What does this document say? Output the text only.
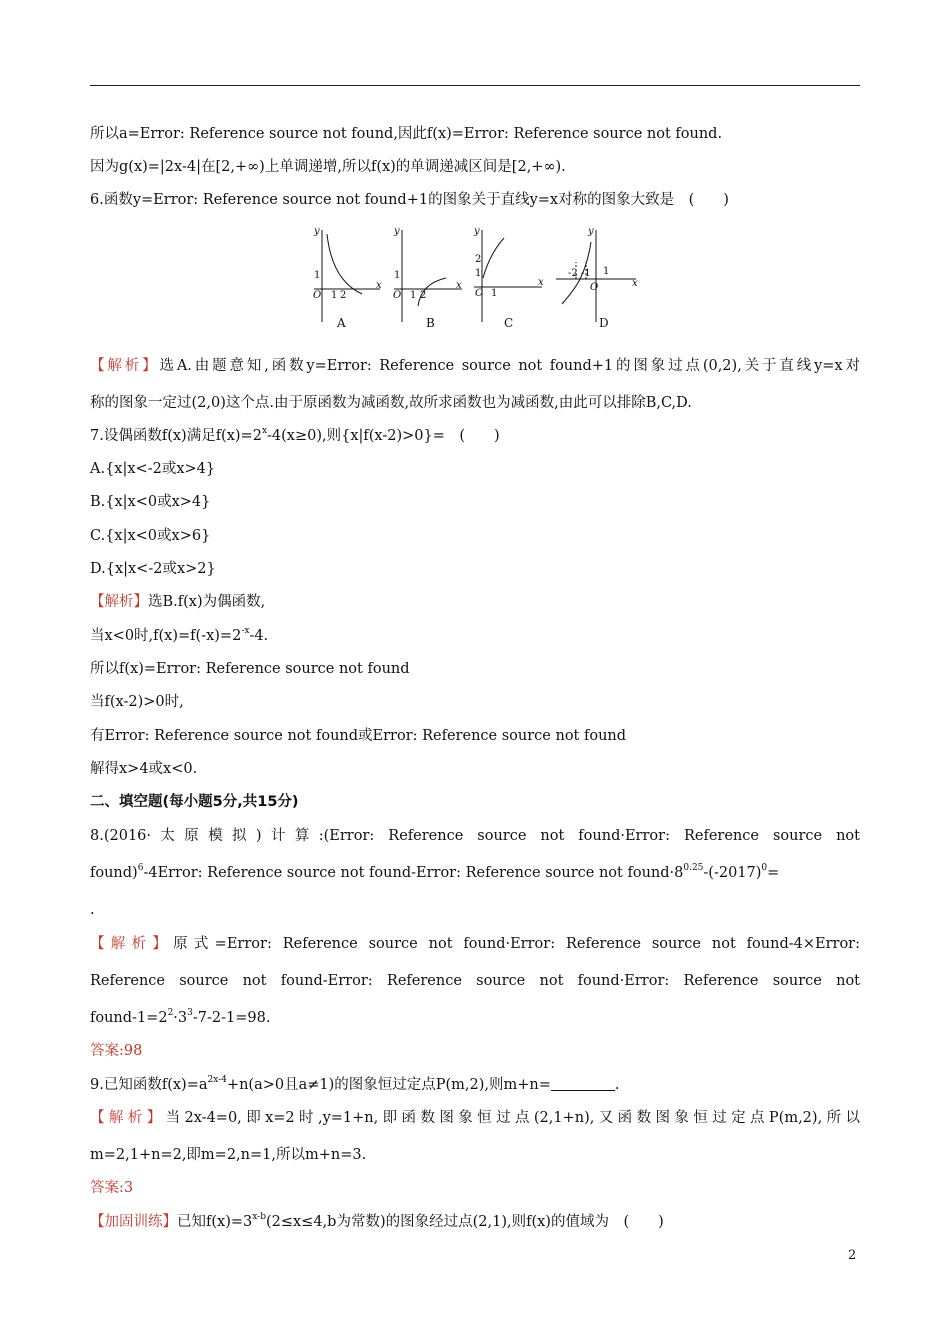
所以a=Error: Reference source not found,因此f(x)=Error: Reference source not found.
因为g(x)=|2x-4|在[2,+∞)上单调递增,所以f(x)的单调递减区间是[2,+∞).
6.函数y=Error: Reference source not found+1的图象关于直线y=x对称的图象大致是　(　　)
y
x
O
1
1 2
A
y
x
O
1
1 2
B
y
x
O
2
1
1
C
y
x
O
1
-2 -1
D
【解析】选A.由题意知,函数y=Error: Reference source not found+1的图象过点(0,2),关于直线y=x对
称的图象一定过(2,0)这个点.由于原函数为减函数,故所求函数也为减函数,由此可以排除B,C,D.
7.设偶函数f(x)满足$f(x)=2^x-4(x\ge 0)$,则{x|f(x-2)>0}=　(　　)
A.{x|x<-2或x>4}
B.{x|x<0或x>4}
C.{x|x<0或x>6}
D.{x|x<-2或x>2}
【解析】选B.f(x)为偶函数,
当x<0时$,f(x)=f(-x)=2^{-x}-4$.
所以f(x)=Error: Reference source not found
当f(x-2)>0时,
有Error: Reference source not found或Error: Reference source not found
解得x>4或x<0.
二、填空题(每小题5分,共15分)
8.(2016·太原模拟)计算:(Error: Reference source not found·Error: Reference source not
found)$^6$-4Error: Reference source not found-Error: Reference source not $found\cdot 8^{0.25}-(-2017)^0=$
.
【解析】原式=Error: Reference source not found·Error: Reference source not found-4×Error:
Reference source not found-Error: Reference source not found·Error: Reference source not
found-$1=2^2\cdot 3^3-7-2-1=98$.
答案:98
9.已知函数$f(x)=a^{2x-4}+n(a>0$且a≠1)的图象恒过定点P(m,2),则m+n=	.
【解析】当2x-4=0,即x=2时,y=1+n,即函数图象恒过点(2,1+n),又函数图象恒过定点P(m,2),所以
m=2,1+n=2,即m=2,n=1,所以m+n=3.
答案:3
【加固训练】已知$f(x)=3^{x-b}(2\le x\le 4,b$为常数)的图象经过点(2,1),则f(x)的值域为　(　　)
2
